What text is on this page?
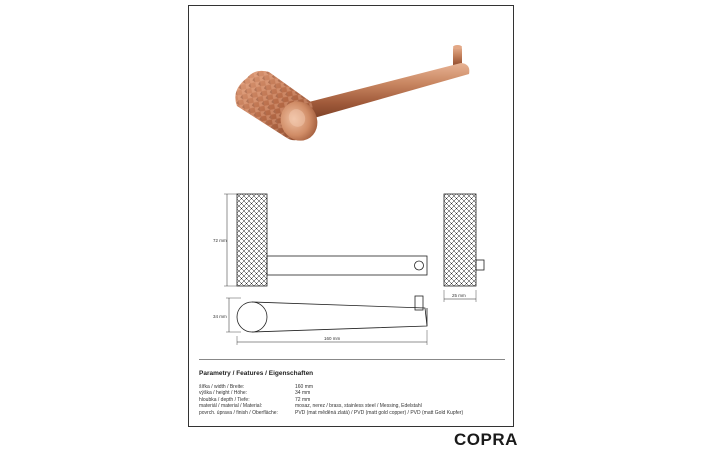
72 mm
25 mm
34 mm
160 mm
Parametry / Features / Eigenschaften
šířka / width / Breite:	160 mm
výška / height / Höhe:	34 mm
hloubka / depth / Tiefe:	72 mm
materiál / material / Material:	mosaz, nerez / brass, stainless steel / Messing, Edelstahl
povrch. úprava / finish / Oberfläche:	PVD (mat měděná zlatá) / PVD (matt gold copper) / PVD (matt Gold Kupfer)
COPRA
